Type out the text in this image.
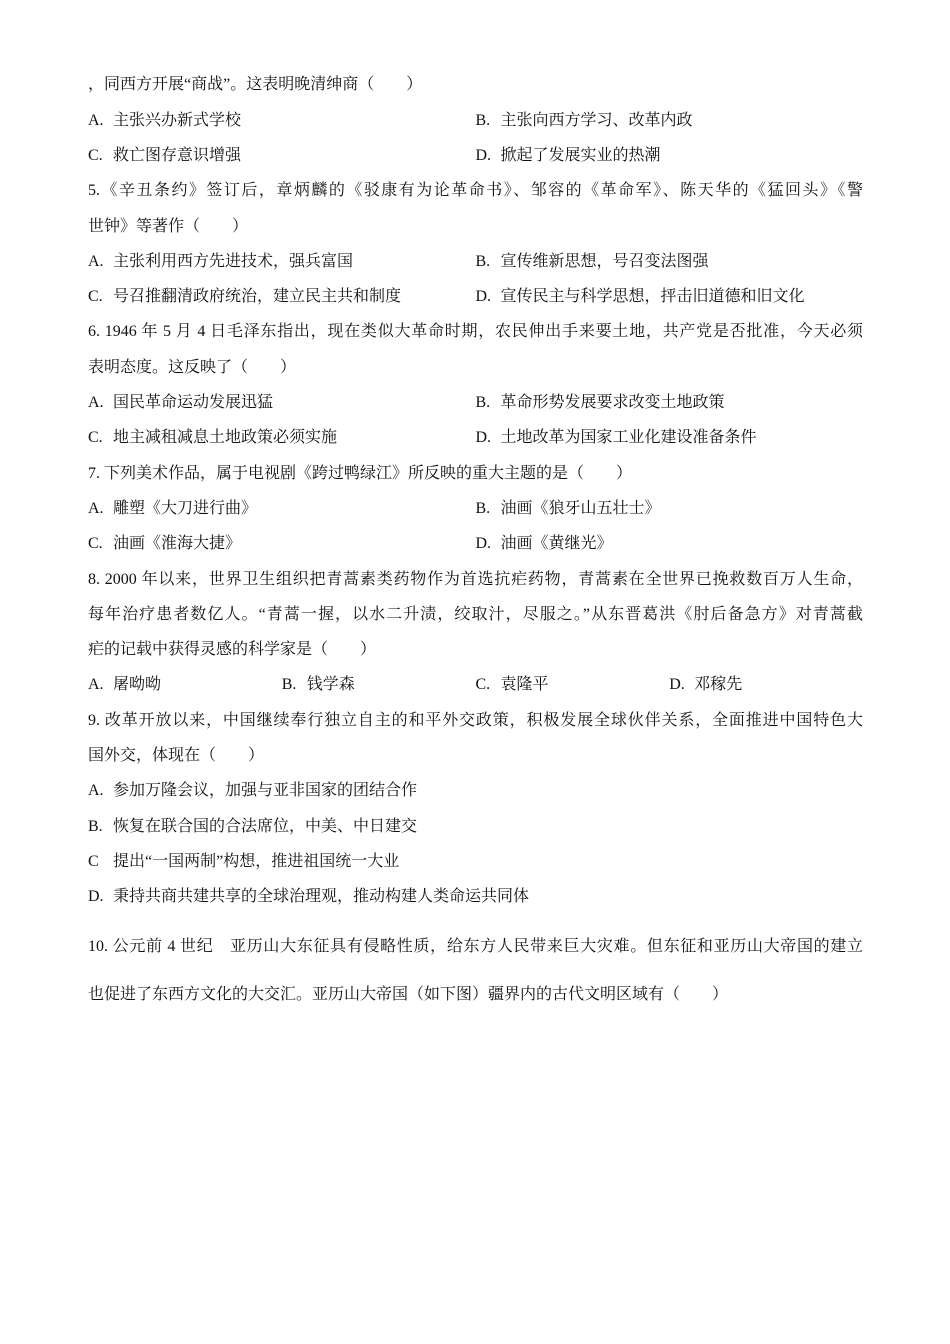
，同西方开展“商战”。这表明晚清绅商（　　）
A. 主张兴办新式学校	B. 主张向西方学习、改革内政
C. 救亡图存意识增强	D. 掀起了发展实业的热潮
5.《辛丑条约》签订后，章炳麟的《驳康有为论革命书》、邹容的《革命军》、陈天华的《猛回头》《警
世钟》等著作（　　）
A. 主张利用西方先进技术，强兵富国	B. 宣传维新思想，号召变法图强
C. 号召推翻清政府统治，建立民主共和制度	D. 宣传民主与科学思想，抨击旧道德和旧文化
6. 1946 年 5 月 4 日毛泽东指出，现在类似大革命时期，农民伸出手来要土地，共产党是否批准，今天必须
表明态度。这反映了（　　）
A. 国民革命运动发展迅猛	B. 革命形势发展要求改变土地政策
C. 地主减租减息土地政策必须实施	D. 土地改革为国家工业化建设准备条件
7. 下列美术作品，属于电视剧《跨过鸭绿江》所反映的重大主题的是（　　）
A. 雕塑《大刀进行曲》	B. 油画《狼牙山五壮士》
C. 油画《淮海大捷》	D. 油画《黄继光》
8. 2000 年以来，世界卫生组织把青蒿素类药物作为首选抗疟药物，青蒿素在全世界已挽救数百万人生命，
每年治疗患者数亿人。“青蒿一握，以水二升渍，绞取汁，尽服之。”从东晋葛洪《肘后备急方》对青蒿截
疟的记载中获得灵感的科学家是（　　）
A. 屠呦呦	B. 钱学森	C. 袁隆平	D. 邓稼先
9. 改革开放以来，中国继续奉行独立自主的和平外交政策，积极发展全球伙伴关系，全面推进中国特色大
国外交，体现在（　　）
A. 参加万隆会议，加强与亚非国家的团结合作
B. 恢复在联合国的合法席位，中美、中日建交
C 提出“一国两制”构想，推进祖国统一大业
D. 秉持共商共建共享的全球治理观，推动构建人类命运共同体
10. 公元前 4 世纪　亚历山大东征具有侵略性质，给东方人民带来巨大灾难。但东征和亚历山大帝国的建立
也促进了东西方文化的大交汇。亚历山大帝国（如下图）疆界内的古代文明区域有（　　）
